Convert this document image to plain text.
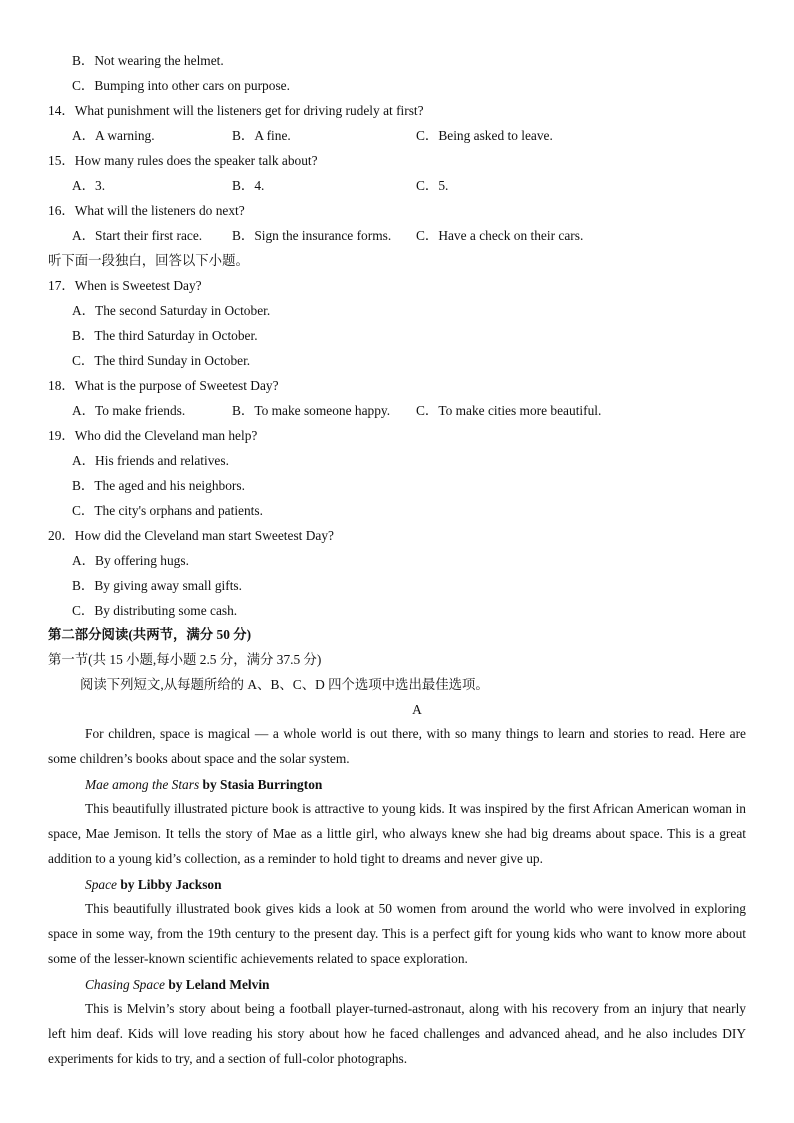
B．Not wearing the helmet.
C．Bumping into other cars on purpose.
14．What punishment will the listeners get for driving rudely at first?
A．A warning.	B．A fine.	C．Being asked to leave.
15．How many rules does the speaker talk about?
A．3.	B．4.	C．5.
16．What will the listeners do next?
A．Start their first race. B．Sign the insurance forms. C．Have a check on their cars.
听下面一段独白，回答以下小题。
17．When is Sweetest Day?
A．The second Saturday in October.
B．The third Saturday in October.
C．The third Sunday in October.
18．What is the purpose of Sweetest Day?
A．To make friends.	B．To make someone happy. C．To make cities more beautiful.
19．Who did the Cleveland man help?
A．His friends and relatives.
B．The aged and his neighbors.
C．The city's orphans and patients.
20．How did the Cleveland man start Sweetest Day?
A．By offering hugs.
B．By giving away small gifts.
C．By distributing some cash.
第二部分阅读(共两节，满分 50 分)
第一节(共 15 小题,每小题 2.5 分，满分 37.5 分)
阅读下列短文,从每题所给的 A、B、C、D 四个选项中选出最佳选项。
A
For children, space is magical — a whole world is out there, with so many things to learn and stories to read. Here are some children’s books about space and the solar system.
Mae among the Stars by Stasia Burrington
This beautifully illustrated picture book is attractive to young kids. It was inspired by the first African American woman in space, Mae Jemison. It tells the story of Mae as a little girl, who always knew she had big dreams about space. This is a great addition to a young kid’s collection, as a reminder to hold tight to dreams and never give up.
Space by Libby Jackson
This beautifully illustrated book gives kids a look at 50 women from around the world who were involved in exploring space in some way, from the 19th century to the present day. This is a perfect gift for young kids who want to know more about some of the lesser-known scientific achievements related to space exploration.
Chasing Space by Leland Melvin
This is Melvin’s story about being a football player-turned-astronaut, along with his recovery from an injury that nearly left him deaf. Kids will love reading his story about how he faced challenges and advanced ahead, and he also includes DIY experiments for kids to try, and a section of full-color photographs.
